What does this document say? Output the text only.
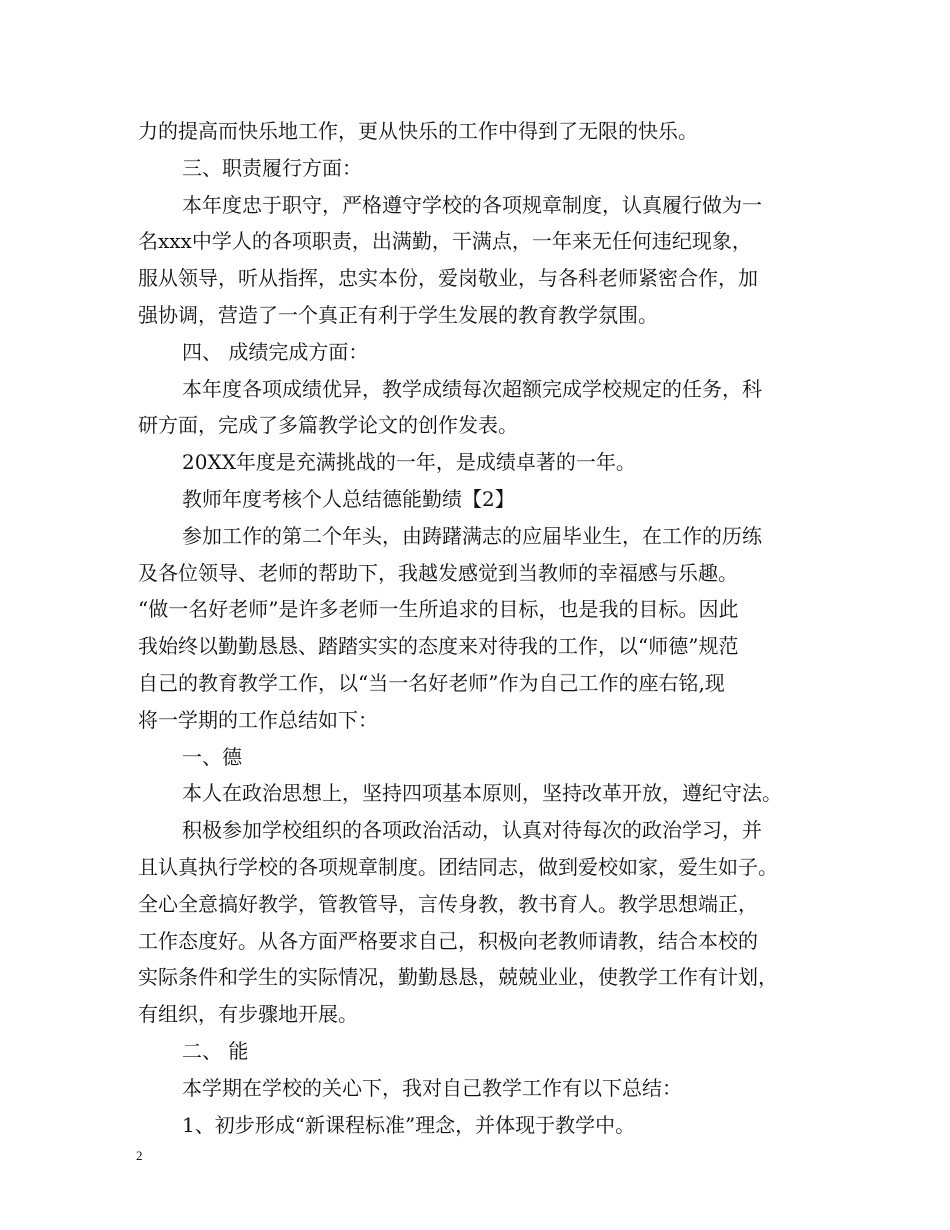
力的提高而快乐地工作，更从快乐的工作中得到了无限的快乐。
三、职责履行方面：
本年度忠于职守，严格遵守学校的各项规章制度，认真履行做为一
名xxx中学人的各项职责，出满勤，干满点，一年来无任何违纪现象，
服从领导，听从指挥，忠实本份，爱岗敬业，与各科老师紧密合作，加
强协调，营造了一个真正有利于学生发展的教育教学氛围。
四、 成绩完成方面：
本年度各项成绩优异，教学成绩每次超额完成学校规定的任务，科
研方面，完成了多篇教学论文的创作发表。
20XX年度是充满挑战的一年，是成绩卓著的一年。
教师年度考核个人总结德能勤绩【2】
参加工作的第二个年头，由踌躇满志的应届毕业生，在工作的历练
及各位领导、老师的帮助下，我越发感觉到当教师的幸福感与乐趣。
“做一名好老师”是许多老师一生所追求的目标，也是我的目标。因此
我始终以勤勤恳恳、踏踏实实的态度来对待我的工作，以“师德”规范
自己的教育教学工作，以“当一名好老师”作为自己工作的座右铭,现
将一学期的工作总结如下：
一、德
本人在政治思想上，坚持四项基本原则，坚持改革开放，遵纪守法。
积极参加学校组织的各项政治活动，认真对待每次的政治学习，并
且认真执行学校的各项规章制度。团结同志，做到爱校如家，爱生如子。
全心全意搞好教学，管教管导，言传身教，教书育人。教学思想端正，
工作态度好。从各方面严格要求自己，积极向老教师请教，结合本校的
实际条件和学生的实际情况，勤勤恳恳，兢兢业业，使教学工作有计划，
有组织，有步骤地开展。
二、 能
本学期在学校的关心下，我对自己教学工作有以下总结：
1、初步形成“新课程标准”理念，并体现于教学中。
2
